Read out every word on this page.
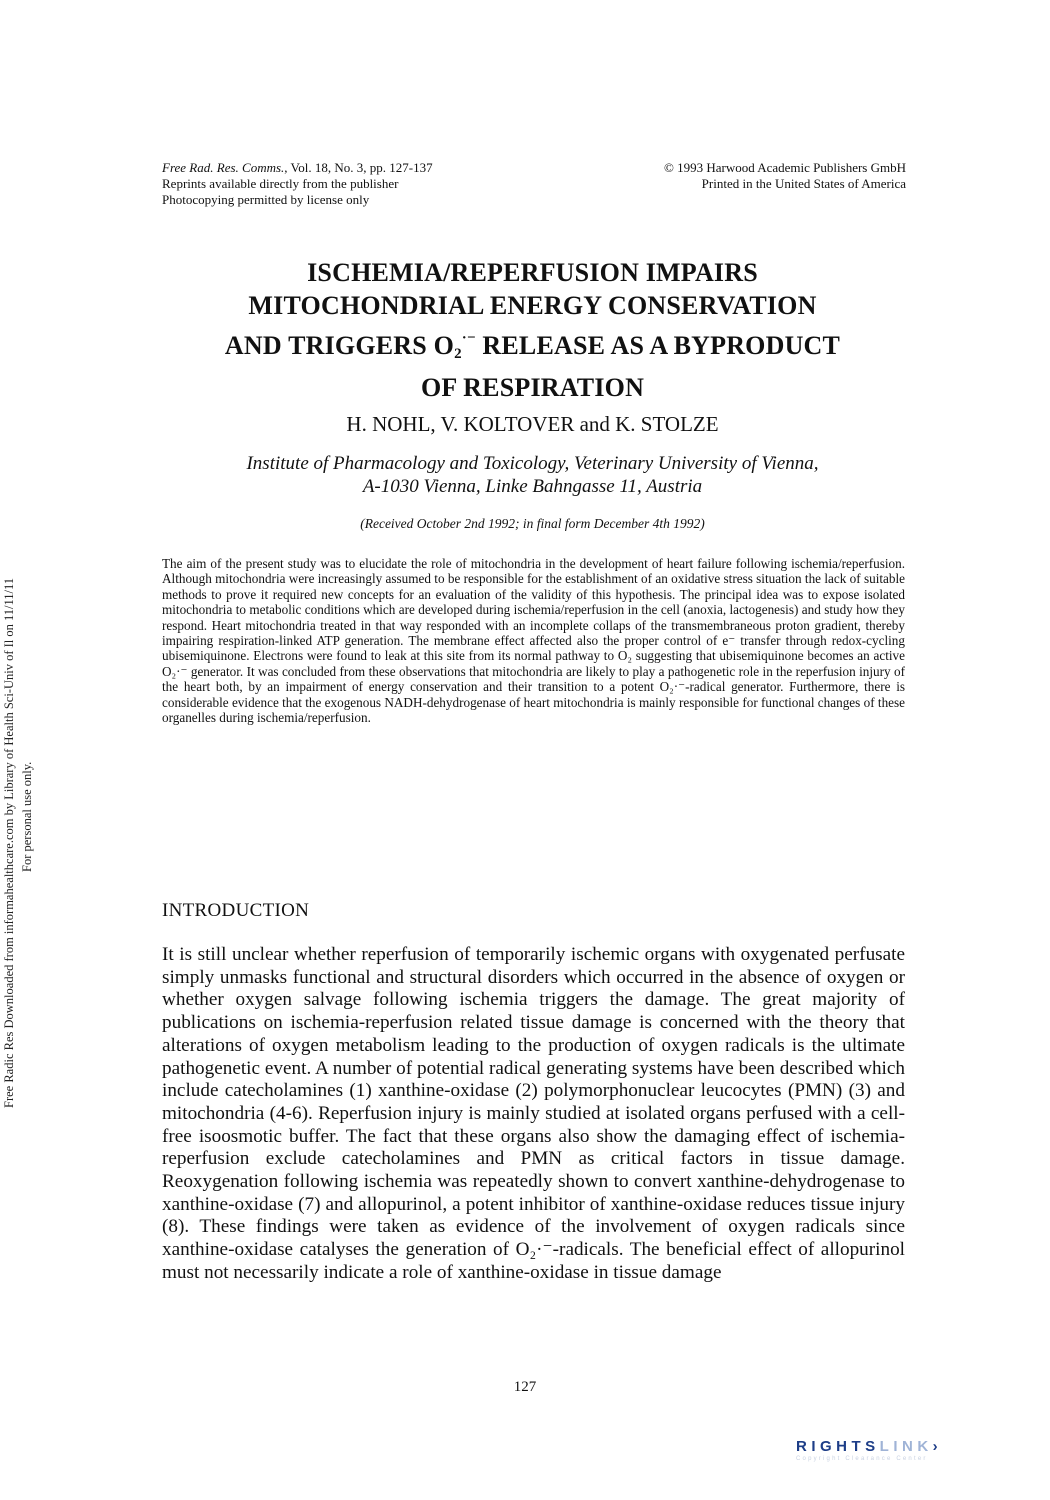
Free Rad. Res. Comms., Vol. 18, No. 3, pp. 127-137
Reprints available directly from the publisher
Photocopying permitted by license only
© 1993 Harwood Academic Publishers GmbH
Printed in the United States of America
Free Radic Res Downloaded from informahealthcare.com by Library of Health Sci-Univ of Il on 11/11/11 For personal use only.
ISCHEMIA/REPERFUSION IMPAIRS
MITOCHONDRIAL ENERGY CONSERVATION
AND TRIGGERS $O_2^{\cdot-}$ RELEASE AS A BYPRODUCT
OF RESPIRATION
H. NOHL, V. KOLTOVER and K. STOLZE
Institute of Pharmacology and Toxicology, Veterinary University of Vienna,
A-1030 Vienna, Linke Bahngasse 11, Austria
(Received October 2nd 1992; in final form December 4th 1992)
The aim of the present study was to elucidate the role of mitochondria in the development of heart failure following ischemia/reperfusion. Although mitochondria were increasingly assumed to be responsible for the establishment of an oxidative stress situation the lack of suitable methods to prove it required new concepts for an evaluation of the validity of this hypothesis. The principal idea was to expose isolated mitochondria to metabolic conditions which are developed during ischemia/reperfusion in the cell (anoxia, lactogenesis) and study how they respond. Heart mitochondria treated in that way responded with an incomplete collaps of the transmembraneous proton gradient, thereby impairing respiration-linked ATP generation. The membrane effect affected also the proper control of e⁻ transfer through redox-cycling ubisemiquinone. Electrons were found to leak at this site from its normal pathway to O₂ suggesting that ubisemiquinone becomes an active O₂·⁻ generator. It was concluded from these observations that mitochondria are likely to play a pathogenetic role in the reperfusion injury of the heart both, by an impairment of energy conservation and their transition to a potent O₂·⁻-radical generator. Furthermore, there is considerable evidence that the exogenous NADH-dehydrogenase of heart mitochondria is mainly responsible for functional changes of these organelles during ischemia/reperfusion.
INTRODUCTION
It is still unclear whether reperfusion of temporarily ischemic organs with oxygenated perfusate simply unmasks functional and structural disorders which occurred in the absence of oxygen or whether oxygen salvage following ischemia triggers the damage. The great majority of publications on ischemia-reperfusion related tissue damage is concerned with the theory that alterations of oxygen metabolism leading to the production of oxygen radicals is the ultimate pathogenetic event. A number of potential radical generating systems have been described which include catecholamines (1) xanthine-oxidase (2) polymorphonuclear leucocytes (PMN) (3) and mitochondria (4-6). Reperfusion injury is mainly studied at isolated organs perfused with a cell-free isoosmotic buffer. The fact that these organs also show the damaging effect of ischemia-reperfusion exclude catecholamines and PMN as critical factors in tissue damage. Reoxygenation following ischemia was repeatedly shown to convert xanthine-dehydrogenase to xanthine-oxidase (7) and allopurinol, a potent inhibitor of xanthine-oxidase reduces tissue injury (8). These findings were taken as evidence of the involvement of oxygen radicals since xanthine-oxidase catalyses the generation of O₂·⁻-radicals. The beneficial effect of allopurinol must not necessarily indicate a role of xanthine-oxidase in tissue damage
127
RIGHTSLINK›
Copyright Clearance Center
